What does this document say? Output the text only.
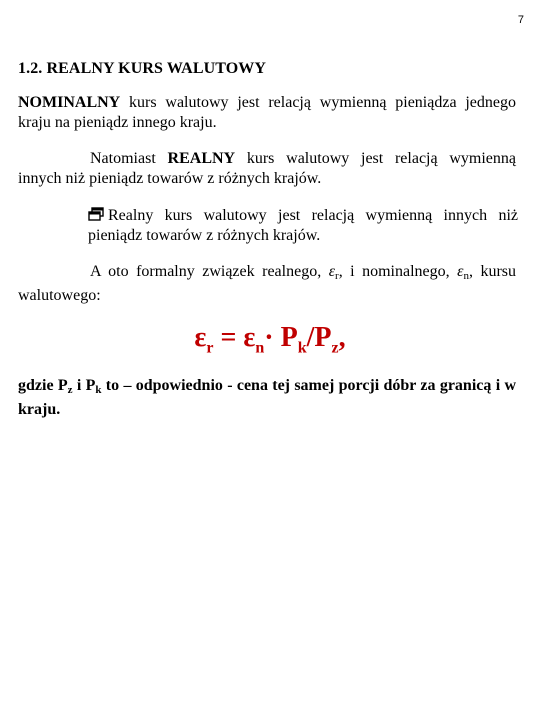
7
1.2. REALNY KURS WALUTOWY
NOMINALNY kurs walutowy jest relacją wymienną pieniądza jednego kraju na pieniądz innego kraju.
Natomiast REALNY kurs walutowy jest relacją wymienną innych niż pieniądz towarów z różnych krajów.
Realny kurs walutowy jest relacją wymienną innych niż pieniądz towarów z różnych krajów.
A oto formalny związek realnego, $\varepsilon_r$, i nominalnego, $\varepsilon_n$, kursu walutowego:
$\varepsilon_r = \varepsilon_n\cdot P_k/P_z$,
gdzie $P_z$ i $P_k$ to – odpowiednio - cena tej samej porcji dóbr za granicą i w kraju.
